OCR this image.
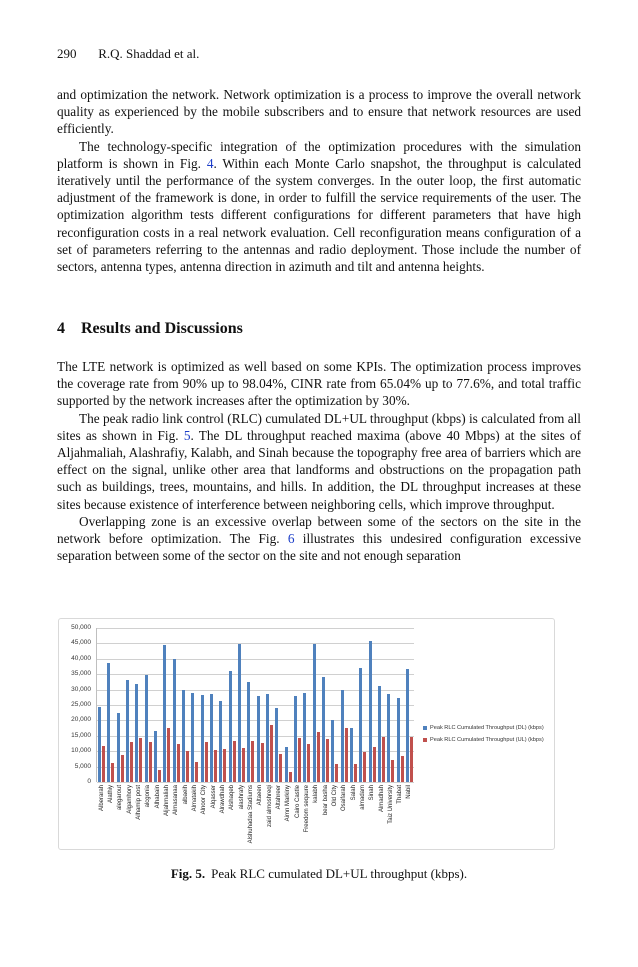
290 R.Q. Shaddad et al.

and optimization the network. Network optimization is a process to improve the overall network quality as experienced by the mobile subscribers and to ensure that network resources are used efficiently.

The technology-specific integration of the optimization procedures with the simulation platform is shown in Fig. 4. Within each Monte Carlo snapshot, the throughput is calculated iteratively until the performance of the system converges. In the outer loop, the first automatic adjustment of the framework is done, in order to fulfill the service requirements of the user. The optimization algorithm tests different configurations for different parameters that have high reconfiguration costs in a real network evaluation. Cell reconfiguration means configuration of a set of parameters referring to the antennas and radio deployment. Those include the number of sectors, antenna types, antenna direction in azimuth and tilt and antenna heights.

4 Results and Discussions

The LTE network is optimized as well based on some KPIs. The optimization process improves the coverage rate from 90% up to 98.04%, CINR rate from 65.04% up to 77.6%, and total traffic supported by the network increases after the optimization by 30%.

The peak radio link control (RLC) cumulated DL+UL throughput (kbps) is calculated from all sites as shown in Fig. 5. The DL throughput reached maxima (above 40 Mbps) at the sites of Aljahmaliah, Alashrafiy, Kalabh, and Sinah because the topography free area of barriers which are effect on the signal, unlike other area that landforms and obstructions on the propagation path such as buildings, trees, mountains, and hills. In addition, the DL throughput increases at these sites because existence of interference between neighboring cells, which improve throughput.

Overlapping zone is an excessive overlap between some of the sectors on the site in the network before optimization. The Fig. 6 illustrates this undesired configuration excessive separation between some of the sector on the site and not enough separation

Alberarah Alathiy alegarout Algamhory Alhamip post alcgonia Alhabain Aljahmaliah Almasanaa albaeih Almatakih Alnoor City Alqasser Alrawdhah Alshaqeb alashrafy Alshuhadaa Stadiums Altaeen zaid almoshreqi Altahreer Aimn Markiny Cairo Castle Freedom seqaure kalabh bear basha Old City Osaifarah Salah almadam Sinah Almadhah Taiz University Thabat Nabil
50,000
45,000
40,000
35,000
30,000
25,000
20,000
15,000
10,000
5,000
0
Peak RLC Cumulated Throughput (DL) (kbps)
Peak RLC Cumulated Throughput (UL) (kbps)
Fig. 5. Peak RLC cumulated DL+UL throughput (kbps).
